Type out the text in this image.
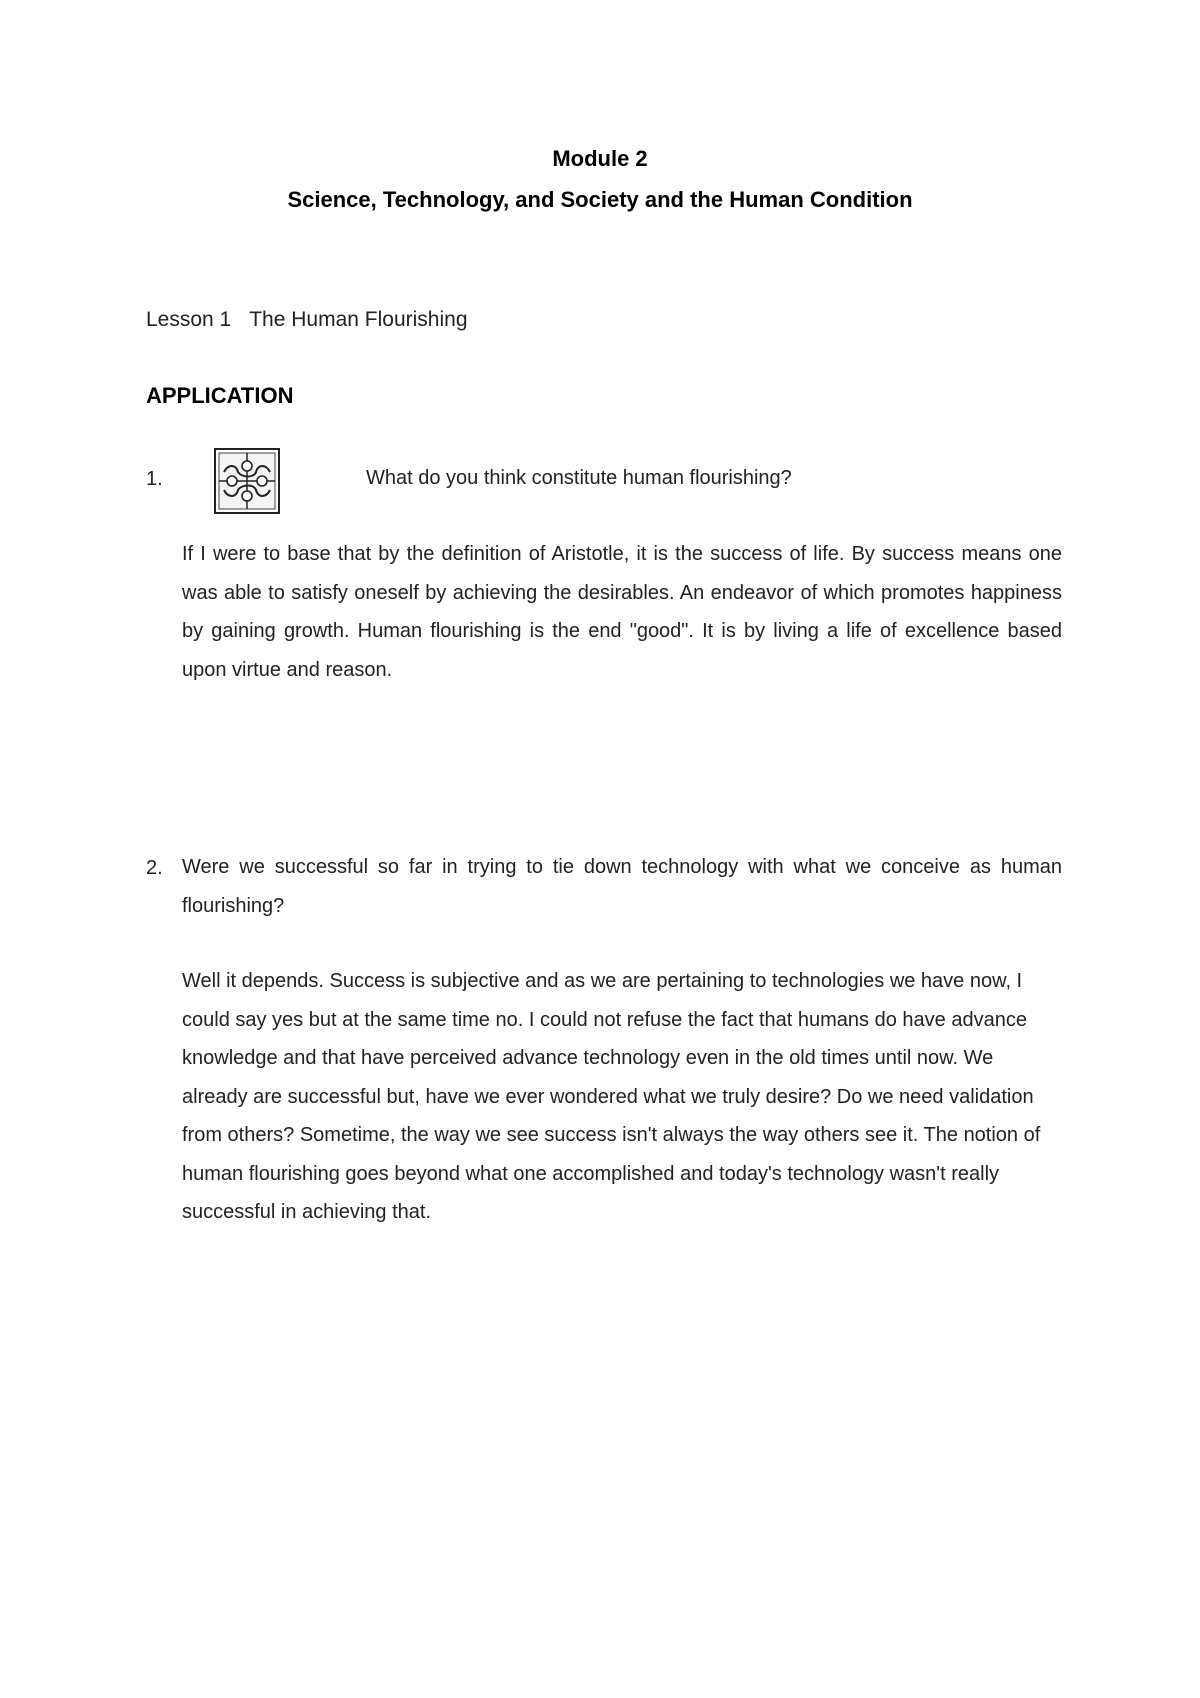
Module 2
Science, Technology, and Society and the Human Condition
Lesson 1 The Human Flourishing
APPLICATION
1.	What do you think constitute human flourishing?
If I were to base that by the definition of Aristotle, it is the success of life. By success means one was able to satisfy oneself by achieving the desirables. An endeavor of which promotes happiness by gaining growth. Human flourishing is the end "good". It is by living a life of excellence based upon virtue and reason.
2. Were we successful so far in trying to tie down technology with what we conceive as human flourishing?
Well it depends. Success is subjective and as we are pertaining to technologies we have now, I could say yes but at the same time no. I could not refuse the fact that humans do have advance knowledge and that have perceived advance technology even in the old times until now. We already are successful but, have we ever wondered what we truly desire? Do we need validation from others? Sometime, the way we see success isn't always the way others see it. The notion of human flourishing goes beyond what one accomplished and today's technology wasn't really successful in achieving that.
